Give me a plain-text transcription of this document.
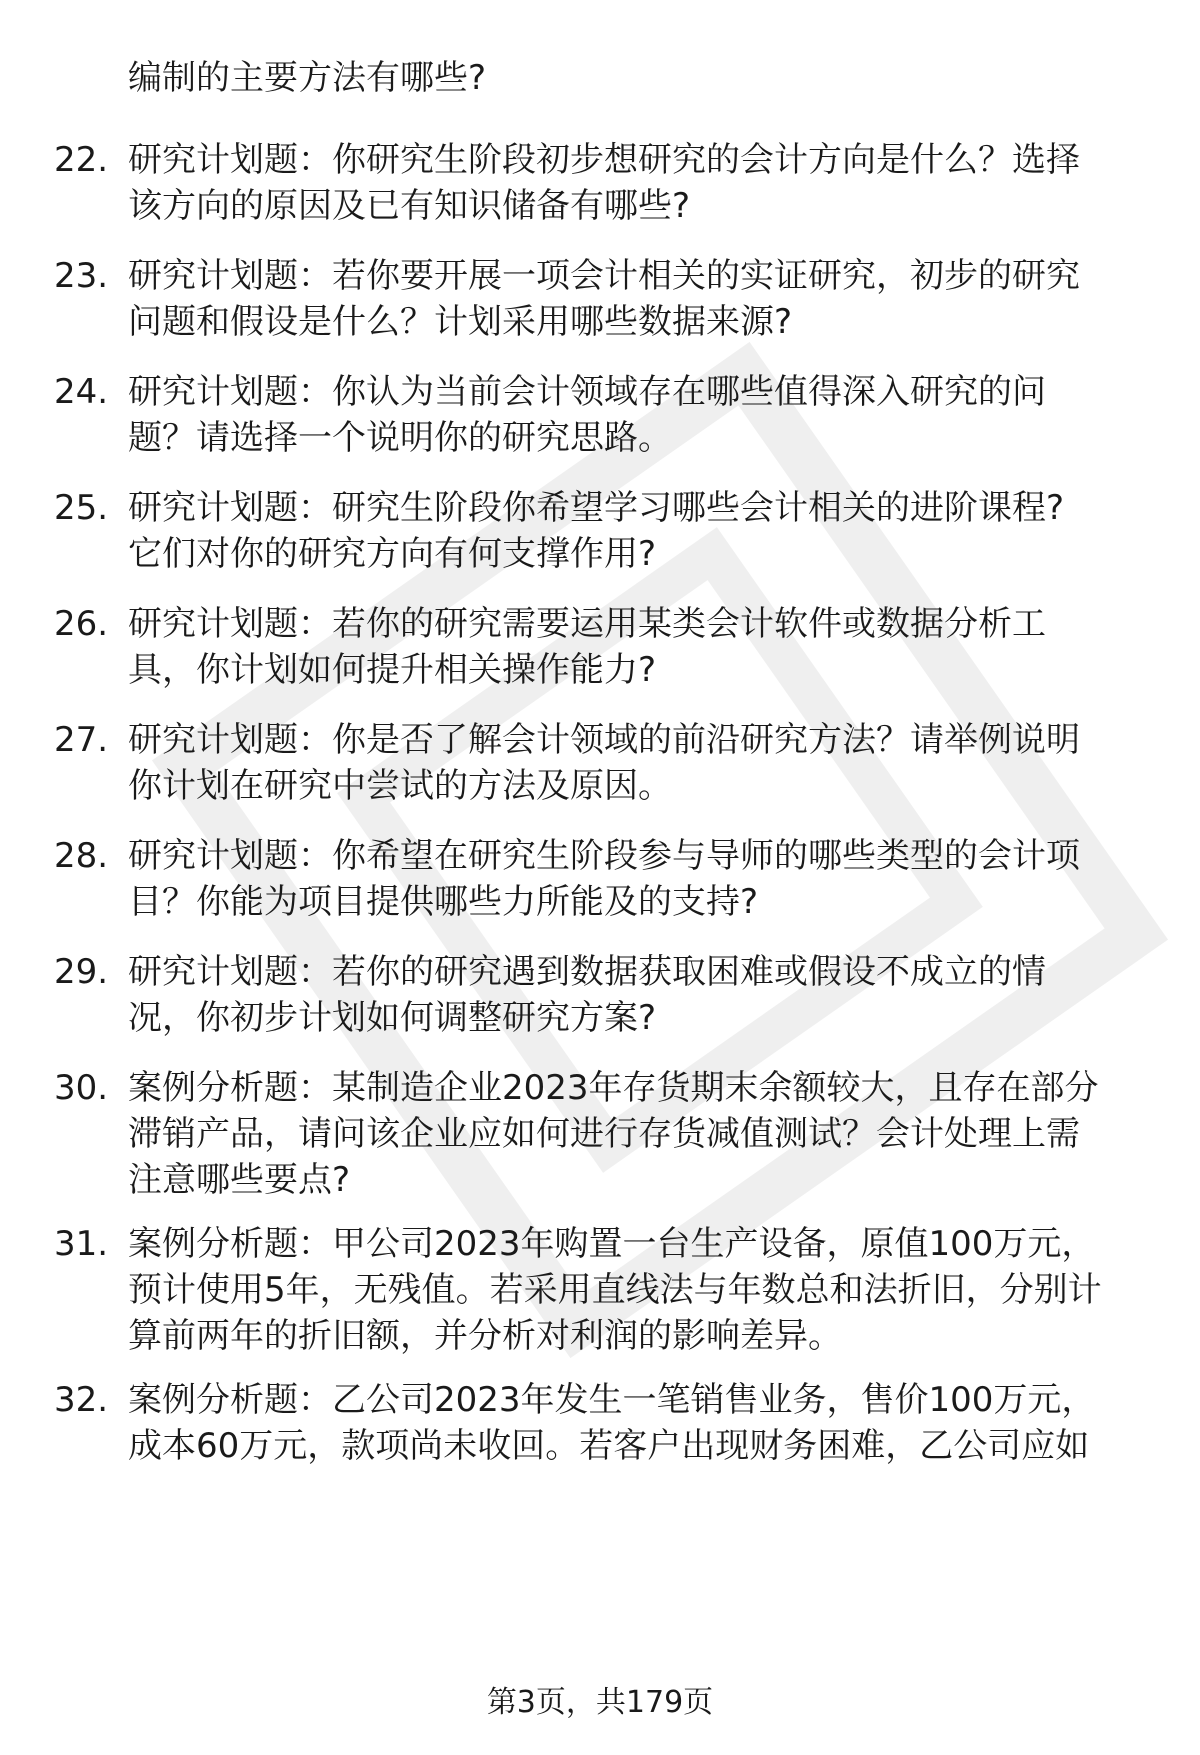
编制的主要方法有哪些?
22. 研究计划题：你研究生阶段初步想研究的会计方向是什么？选择
该方向的原因及已有知识储备有哪些?
23. 研究计划题：若你要开展一项会计相关的实证研究，初步的研究
问题和假设是什么？计划采用哪些数据来源?
24. 研究计划题：你认为当前会计领域存在哪些值得深入研究的问
题？请选择一个说明你的研究思路。
25. 研究计划题：研究生阶段你希望学习哪些会计相关的进阶课程?
它们对你的研究方向有何支撑作用?
26. 研究计划题：若你的研究需要运用某类会计软件或数据分析工
具，你计划如何提升相关操作能力?
27. 研究计划题：你是否了解会计领域的前沿研究方法？请举例说明
你计划在研究中尝试的方法及原因。
28. 研究计划题：你希望在研究生阶段参与导师的哪些类型的会计项
目？你能为项目提供哪些力所能及的支持?
29. 研究计划题：若你的研究遇到数据获取困难或假设不成立的情
况，你初步计划如何调整研究方案?
30. 案例分析题：某制造企业2023年存货期末余额较大，且存在部分
滞销产品，请问该企业应如何进行存货减值测试？会计处理上需
注意哪些要点?
31. 案例分析题：甲公司2023年购置一台生产设备，原值100万元，
预计使用5年，无残值。若采用直线法与年数总和法折旧，分别计
算前两年的折旧额，并分析对利润的影响差异。
32. 案例分析题：乙公司2023年发生一笔销售业务，售价100万元，
成本60万元，款项尚未收回。若客户出现财务困难，乙公司应如
第3页，共179页
